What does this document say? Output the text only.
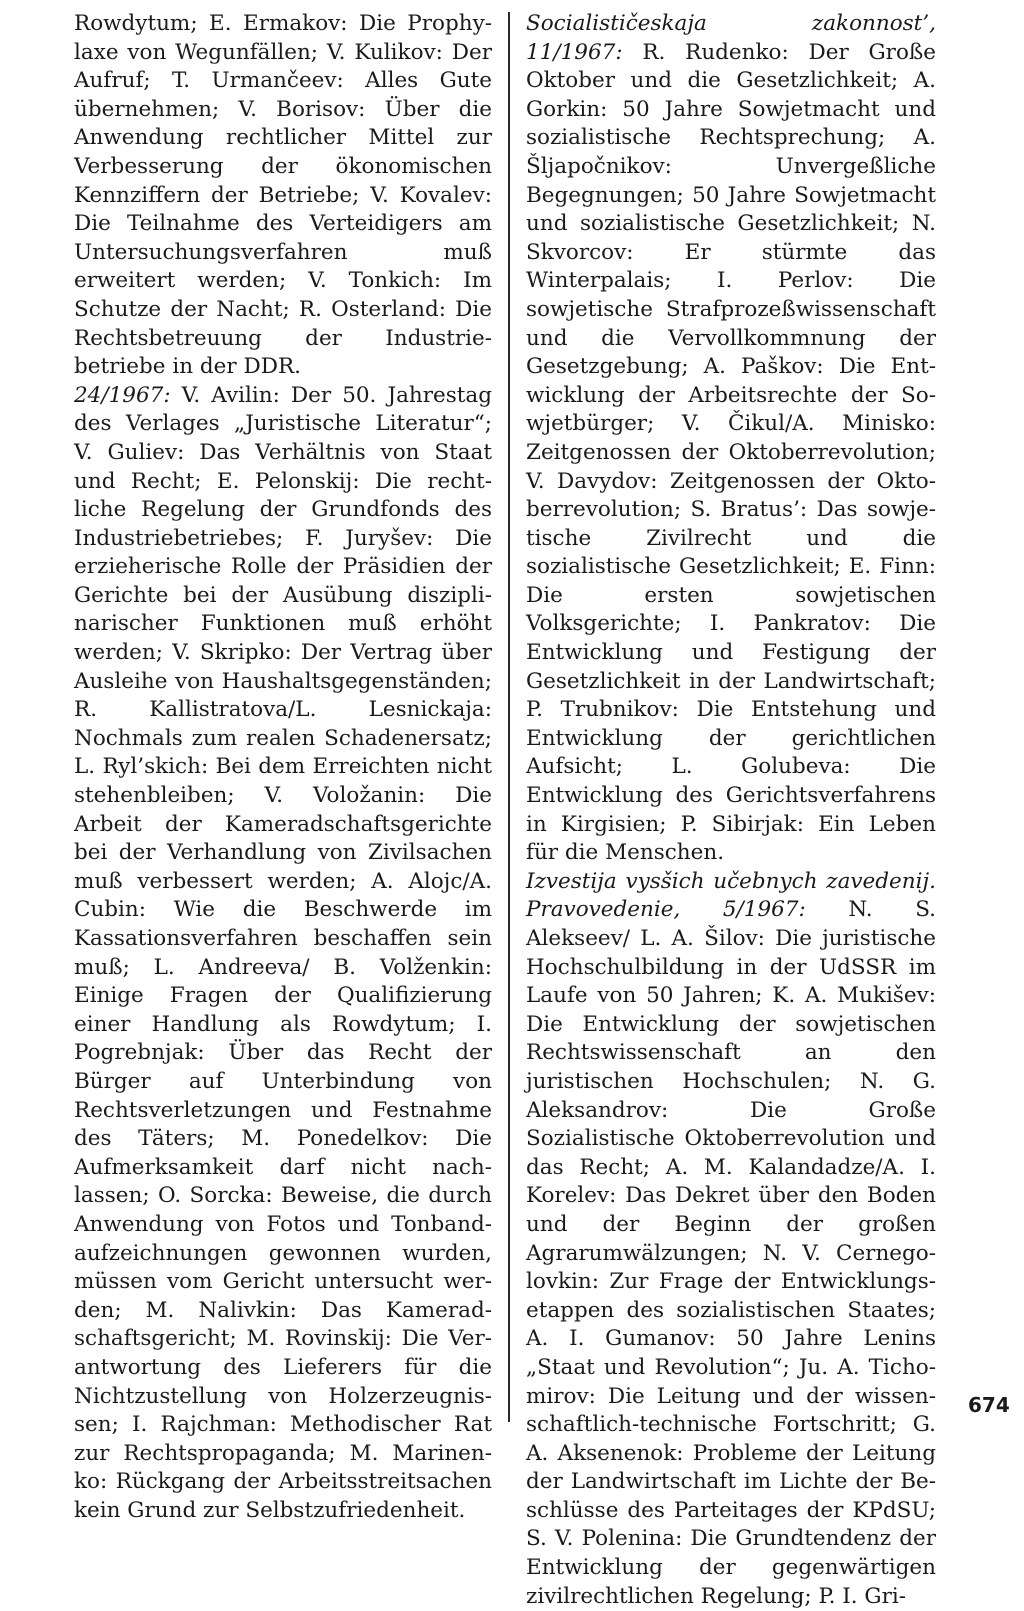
Rowdytum; E. Ermakov: Die Prophylaxe von Wegunfällen; V. Kulikov: Der Aufruf; T. Urmančeev: Alles Gute übernehmen; V. Borisov: Über die Anwendung rechtlicher Mittel zur Verbesserung der ökonomischen Kennziffern der Betriebe; V. Kovalev: Die Teilnahme des Verteidigers am Untersuchungsverfahren muß erweitert werden; V. Tonkich: Im Schutze der Nacht; R. Osterland: Die Rechtsbetreuung der Industriebetriebe in der DDR.

24/1967: V. Avilin: Der 50. Jahrestag des Verlages „Juristische Literatur“; V. Guliev: Das Verhältnis von Staat und Recht; E. Pelonskij: Die rechtliche Regelung der Grundfonds des Industriebetriebes; F. Juryšev: Die erzieherische Rolle der Präsidien der Gerichte bei der Ausübung disziplinarischer Funktionen muß erhöht werden; V. Skripko: Der Vertrag über Ausleihe von Haushaltsgegenständen; R. Kallistratova/L. Lesnickaja: Nochmals zum realen Schadenersatz; L. Ryl’skich: Bei dem Erreichten nicht stehenbleiben; V. Voložanin: Die Arbeit der Kameradschaftsgerichte bei der Verhandlung von Zivilsachen muß verbessert werden; A. Alojc/A. Cubin: Wie die Beschwerde im Kassationsverfahren beschaffen sein muß; L. Andreeva/ B. Volženkin: Einige Fragen der Qualifizierung einer Handlung als Rowdytum; I. Pogrebnjak: Über das Recht der Bürger auf Unterbindung von Rechtsverletzungen und Festnahme des Täters; M. Ponedelkov: Die Aufmerksamkeit darf nicht nachlassen; O. Sorcka: Beweise, die durch Anwendung von Fotos und Tonbandaufzeichnungen gewonnen wurden, müssen vom Gericht untersucht werden; M. Nalivkin: Das Kameradschaftsgericht; M. Rovinskij: Die Verantwortung des Lieferers für die Nichtzustellung von Holzerzeugnissen; I. Rajchman: Methodischer Rat zur Rechtspropaganda; M. Marinenko: Rückgang der Arbeitsstreitsachen kein Grund zur Selbstzufriedenheit.

Socialističeskaja zakonnost’, 11/1967: R. Rudenko: Der Große Oktober und die Gesetzlichkeit; A. Gorkin: 50 Jahre Sowjetmacht und sozialistische Rechtsprechung; A. Šljapočnikov: Unvergeßliche Begegnungen; 50 Jahre Sowjetmacht und sozialistische Gesetzlichkeit; N. Skvorcov: Er stürmte das Winterpalais; I. Perlov: Die sowjetische Strafprozeßwissenschaft und die Vervollkommnung der Gesetzgebung; A. Paškov: Die Entwicklung der Arbeitsrechte der Sowjetbürger; V. Čikul/A. Minisko: Zeitgenossen der Oktoberrevolution; V. Davydov: Zeitgenossen der Oktoberrevolution; S. Bratus’: Das sowjetische Zivilrecht und die sozialistische Gesetzlichkeit; E. Finn: Die ersten sowjetischen Volksgerichte; I. Pankratov: Die Entwicklung und Festigung der Gesetzlichkeit in der Landwirtschaft; P. Trubnikov: Die Entstehung und Entwicklung der gerichtlichen Aufsicht; L. Golubeva: Die Entwicklung des Gerichtsverfahrens in Kirgisien; P. Sibirjak: Ein Leben für die Menschen.

Izvestija vysšich učebnych zavedenij. Pravovedenie, 5/1967: N. S. Alekseev/ L. A. Šilov: Die juristische Hochschulbildung in der UdSSR im Laufe von 50 Jahren; K. A. Mukišev: Die Entwicklung der sowjetischen Rechtswissenschaft an den juristischen Hochschulen; N. G. Aleksandrov: Die Große Sozialistische Oktoberrevolution und das Recht; A. M. Kalandadze/A. I. Korelev: Das Dekret über den Boden und der Beginn der großen Agrarumwälzungen; N. V. Cernegolovkin: Zur Frage der Entwicklungsetappen des sozialistischen Staates; A. I. Gumanov: 50 Jahre Lenins „Staat und Revolution“; Ju. A. Tichomirov: Die Leitung und der wissenschaftlich-technische Fortschritt; G. A. Aksenenok: Probleme der Leitung der Landwirtschaft im Lichte der Beschlüsse des Parteitages der KPdSU; S. V. Polenina: Die Grundtendenz der Entwicklung der gegenwärtigen zivilrechtlichen Regelung; P. I. Gri-

674
